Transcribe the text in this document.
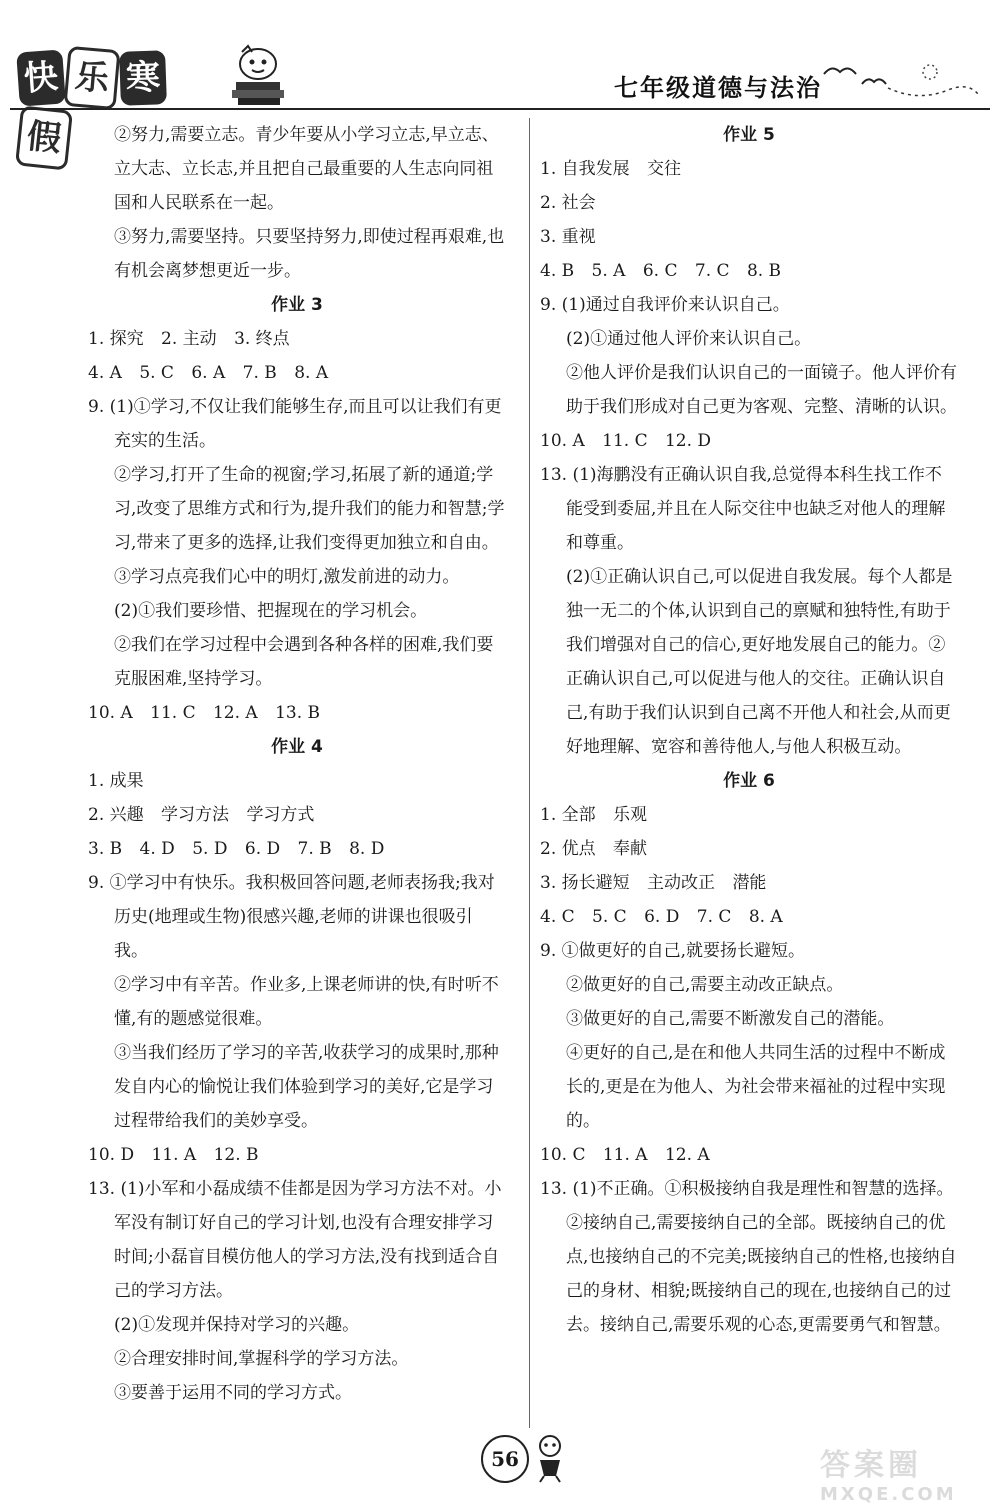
快 乐 寒假
七年级道德与法治

②努力,需要立志。青少年要从小学习立志,早立志、立大志、立长志,并且把自己最重要的人生志向同祖国和人民联系在一起。

③努力,需要坚持。只要坚持努力,即使过程再艰难,也有机会离梦想更近一步。

作业 3
1. 探究 2. 主动 3. 终点
4. A 5. C 6. A 7. B 8. A

9. (1)①学习,不仅让我们能够生存,而且可以让我们有更充实的生活。

②学习,打开了生命的视窗;学习,拓展了新的通道;学习,改变了思维方式和行为,提升我们的能力和智慧;学习,带来了更多的选择,让我们变得更加独立和自由。

③学习点亮我们心中的明灯,激发前进的动力。

(2)①我们要珍惜、把握现在的学习机会。

②我们在学习过程中会遇到各种各样的困难,我们要克服困难,坚持学习。

10. A 11. C 12. A 13. B
作业 4
1. 成果
2. 兴趣 学习方法 学习方式
3. B 4. D 5. D 6. D 7. B 8. D

9. ①学习中有快乐。我积极回答问题,老师表扬我;我对历史(地理或生物)很感兴趣,老师的讲课也很吸引我。

②学习中有辛苦。作业多,上课老师讲的快,有时听不懂,有的题感觉很难。

③当我们经历了学习的辛苦,收获学习的成果时,那种发自内心的愉悦让我们体验到学习的美好,它是学习过程带给我们的美妙享受。

10. D 11. A 12. B

13. (1)小军和小磊成绩不佳都是因为学习方法不对。小军没有制订好自己的学习计划,也没有合理安排学习时间;小磊盲目模仿他人的学习方法,没有找到适合自己的学习方法。

(2)①发现并保持对学习的兴趣。

②合理安排时间,掌握科学的学习方法。

③要善于运用不同的学习方式。

作业 5
1. 自我发展 交往
2. 社会
3. 重视
4. B 5. A 6. C 7. C 8. B

9. (1)通过自我评价来认识自己。

(2)①通过他人评价来认识自己。

②他人评价是我们认识自己的一面镜子。他人评价有助于我们形成对自己更为客观、完整、清晰的认识。

10. A 11. C 12. D

13. (1)海鹏没有正确认识自我,总觉得本科生找工作不能受到委屈,并且在人际交往中也缺乏对他人的理解和尊重。

(2)①正确认识自己,可以促进自我发展。每个人都是独一无二的个体,认识到自己的禀赋和独特性,有助于我们增强对自己的信心,更好地发展自己的能力。②正确认识自己,可以促进与他人的交往。正确认识自己,有助于我们认识到自己离不开他人和社会,从而更好地理解、宽容和善待他人,与他人积极互动。

作业 6
1. 全部 乐观
2. 优点 奉献
3. 扬长避短 主动改正 潜能
4. C 5. C 6. D 7. C 8. A

9. ①做更好的自己,就要扬长避短。

②做更好的自己,需要主动改正缺点。

③做更好的自己,需要不断激发自己的潜能。

④更好的自己,是在和他人共同生活的过程中不断成长的,更是在为他人、为社会带来福祉的过程中实现的。

10. C 11. A 12. A

13. (1)不正确。①积极接纳自我是理性和智慧的选择。

②接纳自己,需要接纳自己的全部。既接纳自己的优点,也接纳自己的不完美;既接纳自己的性格,也接纳自己的身材、相貌;既接纳自己的现在,也接纳自己的过去。接纳自己,需要乐观的心态,更需要勇气和智慧。

56	答案圈
MXQE.COM
